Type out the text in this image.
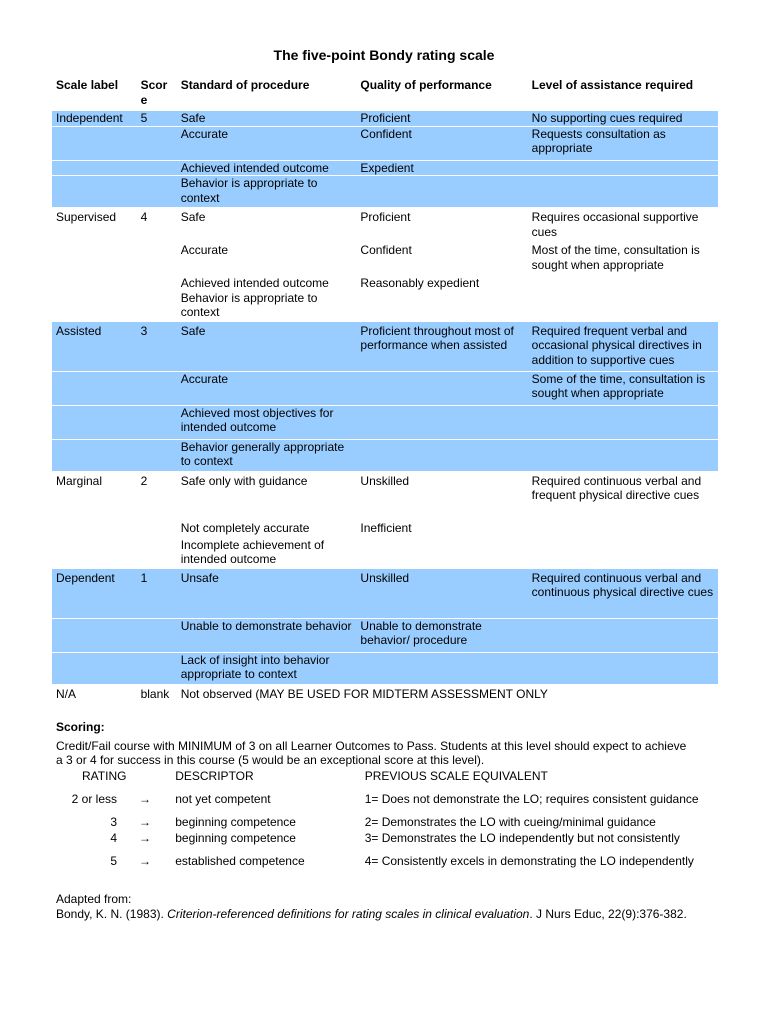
The five-point Bondy rating scale
Scale label	Score	Standard of procedure	Quality of performance	Level of assistance required
Independent	5	Safe	Proficient	No supporting cues required
		Accurate	Confident	Requests consultation as appropriate
		Achieved intended outcome	Expedient	
		Behavior is appropriate to context		
Supervised	4	Safe	Proficient	Requires occasional supportive cues
		Accurate	Confident	Most of the time, consultation is sought when appropriate
		Achieved intended outcome	Reasonably expedient	
		Behavior is appropriate to context		
Assisted	3	Safe	Proficient throughout most of performance when assisted	Required frequent verbal and occasional physical directives in addition to supportive cues
		Accurate		Some of the time, consultation is sought when appropriate
		Achieved most objectives for intended outcome		
		Behavior generally appropriate to context		
Marginal	2	Safe only with guidance	Unskilled	Required continuous verbal and frequent physical directive cues
		Not completely accurate	Inefficient	
		Incomplete achievement of intended outcome		
Dependent	1	Unsafe	Unskilled	Required continuous verbal and continuous physical directive cues
		Unable to demonstrate behavior	Unable to demonstrate behavior/ procedure	
		Lack of insight into behavior appropriate to context		
N/A	blank	Not observed (MAY BE USED FOR MIDTERM ASSESSMENT ONLY		
Scoring:
Credit/Fail course with MINIMUM of 3 on all Learner Outcomes to Pass. Students at this level should expect to achieve a 3 or 4 for success in this course (5 would be an exceptional score at this level).
RATING		DESCRIPTOR	PREVIOUS SCALE EQUIVALENT
2 or less	→	not yet competent	1= Does not demonstrate the LO; requires consistent guidance
3	→	beginning competence	2= Demonstrates the LO with cueing/minimal guidance
4	→	beginning competence	3= Demonstrates the LO independently but not consistently
5	→	established competence	4= Consistently excels in demonstrating the LO independently
Adapted from:
Bondy, K. N. (1983). Criterion-referenced definitions for rating scales in clinical evaluation. J Nurs Educ, 22(9):376-382.
